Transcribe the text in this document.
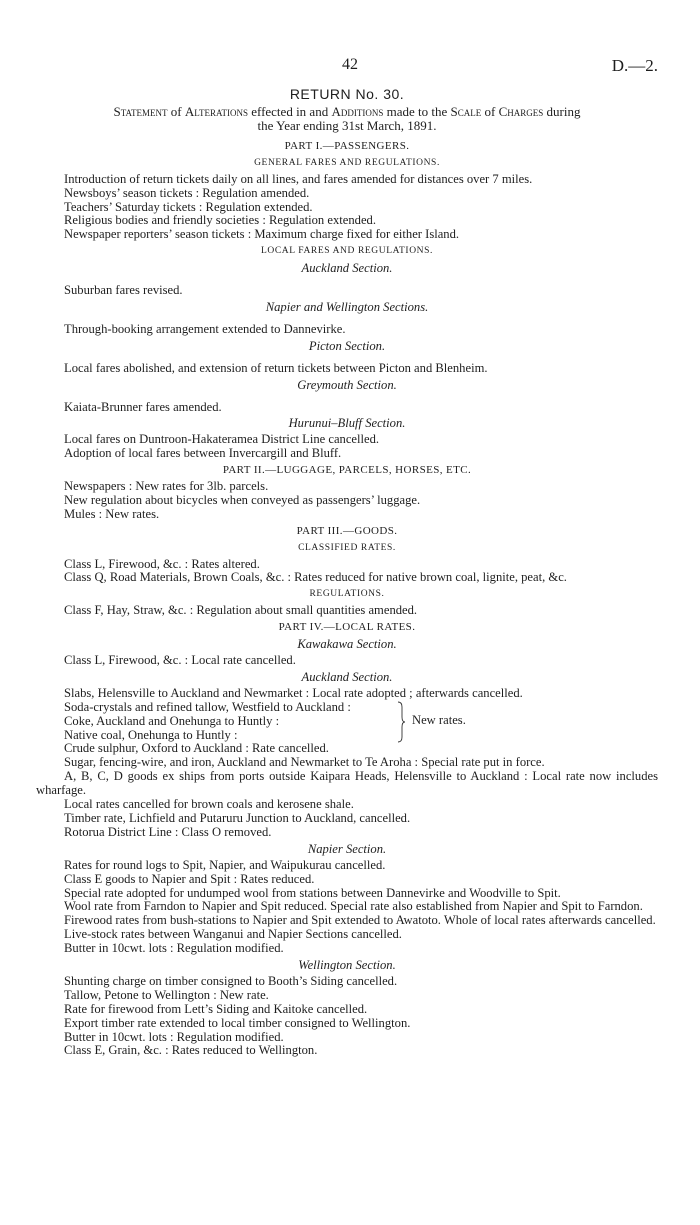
42	D.—2.
RETURN No. 30.
Statement of Alterations effected in and Additions made to the Scale of Charges during
the Year ending 31st March, 1891.
PART I.—PASSENGERS.
GENERAL FARES AND REGULATIONS.

Introduction of return tickets daily on all lines, and fares amended for distances over 7 miles.

Newsboys’ season tickets : Regulation amended.

Teachers’ Saturday tickets : Regulation extended.

Religious bodies and friendly societies : Regulation extended.

Newspaper reporters’ season tickets : Maximum charge fixed for either Island.

LOCAL FARES AND REGULATIONS.
Auckland Section.

Suburban fares revised.

Napier and Wellington Sections.

Through-booking arrangement extended to Dannevirke.

Picton Section.

Local fares abolished, and extension of return tickets between Picton and Blenheim.

Greymouth Section.

Kaiata-Brunner fares amended.

Hurunui–Bluff Section.

Local fares on Duntroon-Hakateramea District Line cancelled.

Adoption of local fares between Invercargill and Bluff.

PART II.—LUGGAGE, PARCELS, HORSES, ETC.

Newspapers : New rates for 3lb. parcels.

New regulation about bicycles when conveyed as passengers’ luggage.

Mules : New rates.

PART III.—GOODS.
CLASSIFIED RATES.

Class L, Firewood, &c. : Rates altered.

Class Q, Road Materials, Brown Coals, &c. : Rates reduced for native brown coal, lignite, peat, &c.

REGULATIONS.

Class F, Hay, Straw, &c. : Regulation about small quantities amended.

PART IV.—LOCAL RATES.
Kawakawa Section.

Class L, Firewood, &c. : Local rate cancelled.

Auckland Section.

Slabs, Helensville to Auckland and Newmarket : Local rate adopted ; afterwards cancelled.

Soda-crystals and refined tallow, Westfield to Auckland :

Coke, Auckland and Onehunga to Huntly :

Native coal, Onehunga to Huntly :

New rates.

Crude sulphur, Oxford to Auckland : Rate cancelled.

Sugar, fencing-wire, and iron, Auckland and Newmarket to Te Aroha : Special rate put in force.

A, B, C, D goods ex ships from ports outside Kaipara Heads, Helensville to Auckland : Local rate now includes wharfage.

Local rates cancelled for brown coals and kerosene shale.

Timber rate, Lichfield and Putaruru Junction to Auckland, cancelled.

Rotorua District Line : Class O removed.

Napier Section.

Rates for round logs to Spit, Napier, and Waipukurau cancelled.

Class E goods to Napier and Spit : Rates reduced.

Special rate adopted for undumped wool from stations between Dannevirke and Woodville to Spit.

Wool rate from Farndon to Napier and Spit reduced. Special rate also established from Napier and Spit to Farndon.

Firewood rates from bush-stations to Napier and Spit extended to Awatoto. Whole of local rates afterwards cancelled.

Live-stock rates between Wanganui and Napier Sections cancelled.

Butter in 10cwt. lots : Regulation modified.

Wellington Section.

Shunting charge on timber consigned to Booth’s Siding cancelled.

Tallow, Petone to Wellington : New rate.

Rate for firewood from Lett’s Siding and Kaitoke cancelled.

Export timber rate extended to local timber consigned to Wellington.

Butter in 10cwt. lots : Regulation modified.

Class E, Grain, &c. : Rates reduced to Wellington.
